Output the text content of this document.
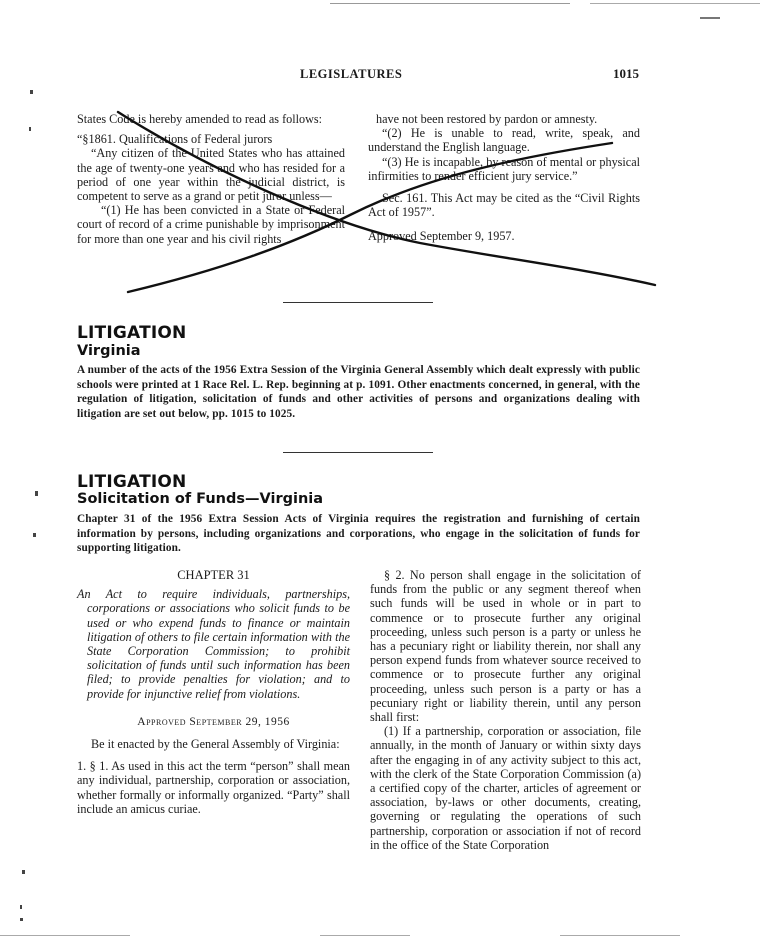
LEGISLATURES	1015

States Code is hereby amended to read as follows:

“§1861. Qualifications of Federal jurors

“Any citizen of the United States who has attained the age of twenty-one years and who has resided for a period of one year within the judicial district, is competent to serve as a grand or petit juror unless—

“(1) He has been convicted in a State or Federal court of record of a crime punishable by imprisonment for more than one year and his civil rights

have not been restored by pardon or amnesty.

“(2) He is unable to read, write, speak, and understand the English language.

“(3) He is incapable, by reason of mental or physical infirmities to render efficient jury service.”

Sec. 161. This Act may be cited as the “Civil Rights Act of 1957”.

Approved September 9, 1957.

LITIGATION
Virginia
A number of the acts of the 1956 Extra Session of the Virginia General Assembly which dealt expressly with public schools were printed at 1 Race Rel. L. Rep. beginning at p. 1091. Other enactments concerned, in general, with the regulation of litigation, solicitation of funds and other activities of persons and organizations dealing with litigation are set out below, pp. 1015 to 1025.
LITIGATION
Solicitation of Funds—Virginia
Chapter 31 of the 1956 Extra Session Acts of Virginia requires the registration and furnishing of certain information by persons, including organizations and corporations, who engage in the solicitation of funds for supporting litigation.

CHAPTER 31

An Act to require individuals, partnerships, corporations or associations who solicit funds to be used or who expend funds to finance or maintain litigation of others to file certain information with the State Corporation Commission; to prohibit solicitation of funds until such information has been filed; to provide penalties for violation; and to provide for injunctive relief from violations.

Approved September 29, 1956

Be it enacted by the General Assembly of Virginia:

1. § 1. As used in this act the term “person” shall mean any individual, partnership, corporation or association, whether formally or informally organized. “Party” shall include an amicus curiae.

§ 2. No person shall engage in the solicitation of funds from the public or any segment thereof when such funds will be used in whole or in part to commence or to prosecute further any original proceeding, unless such person is a party or unless he has a pecuniary right or liability therein, nor shall any person expend funds from whatever source received to commence or to prosecute further any original proceeding, unless such person is a party or has a pecuniary right or liability therein, until any person shall first:

(1) If a partnership, corporation or association, file annually, in the month of January or within sixty days after the engaging in of any activity subject to this act, with the clerk of the State Corporation Commission (a) a certified copy of the charter, articles of agreement or association, by-laws or other documents, creating, governing or regulating the operations of such partnership, corporation or association if not of record in the office of the State Corporation
